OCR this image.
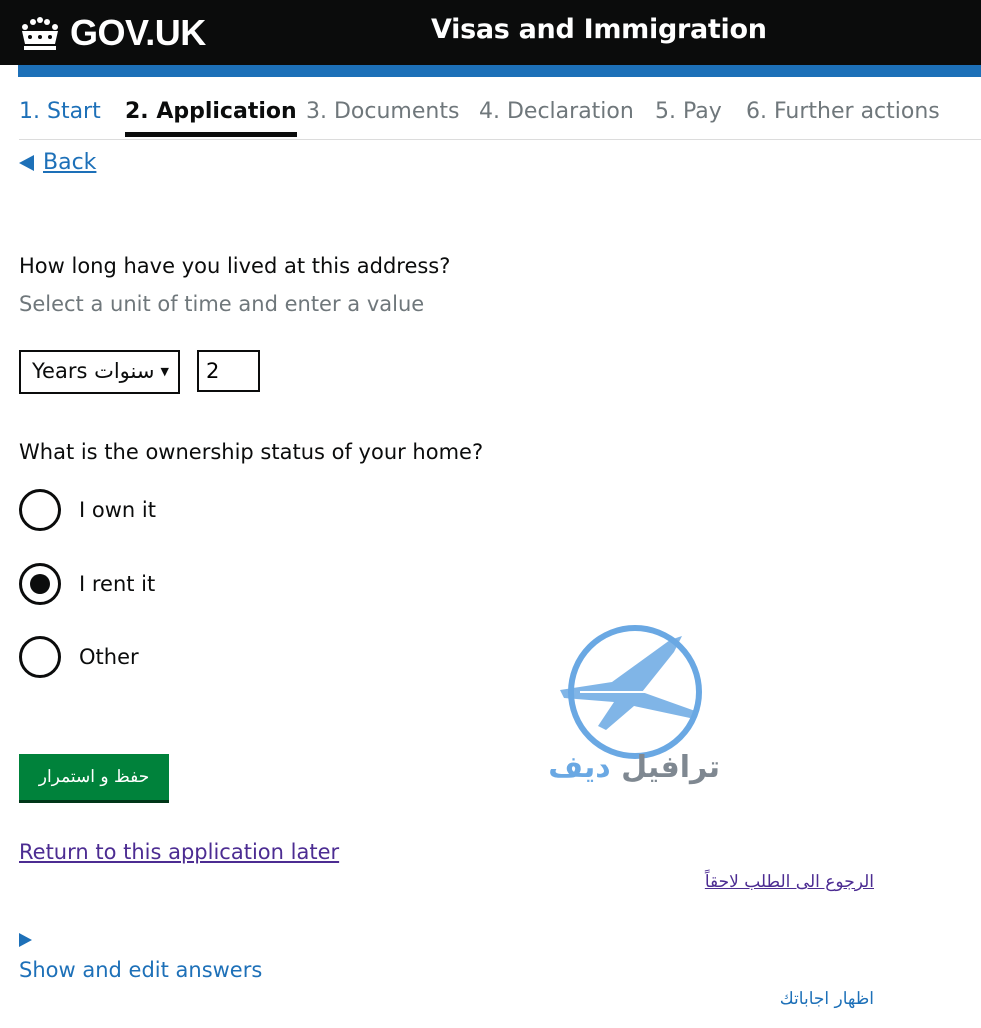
GOV.UK	Visas and Immigration
1. Start 2. Application 3. Documents 4. Declaration 5. Pay 6. Further actions
Back
How long have you lived at this address?
Select a unit of time and enter a value
Years سنوات ▼
2
What is the ownership status of your home?
I own it
I rent it
Other
ترافيل ديف
حفظ و استمرار
Return to this application later
الرجوع الى الطلب لاحقاً
Show and edit answers
اظهار اجاباتك
